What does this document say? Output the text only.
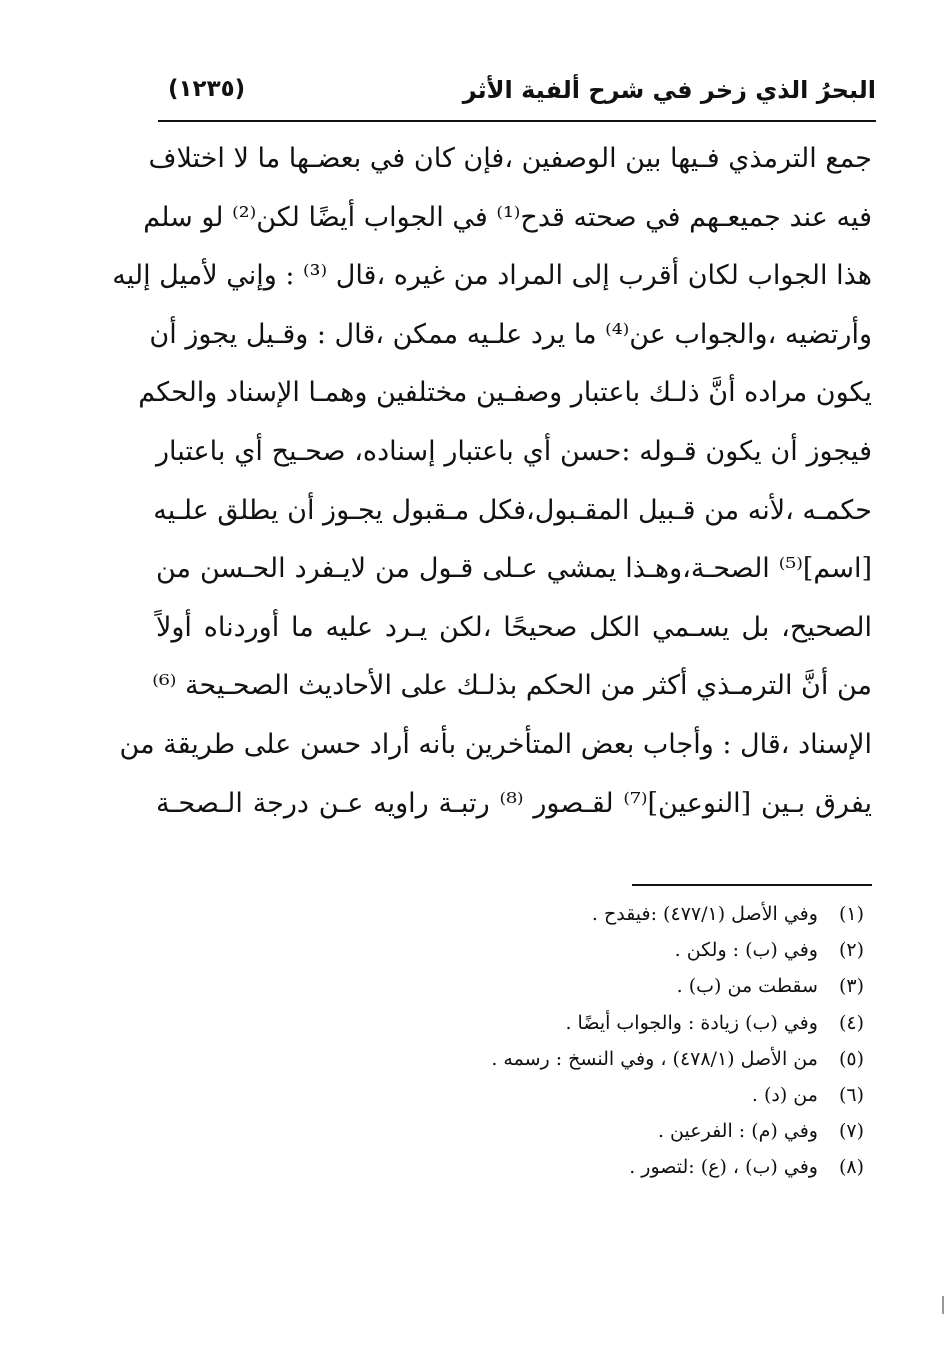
البحرُ الذي زخر في شرح ألفية الأثر
(١٢٣٥)
جمع الترمذي فـيها بين الوصفين ،فإن كان في بعضـها ما لا اختلاف
فيه عند جميعـهم في صحته قدح⁽¹⁾ في الجواب أيضًا لكن⁽²⁾ لو سلم
هذا الجواب لكان أقرب إلى المراد من غيره ،قال ⁽³⁾ : وإني لأميل إليه
وأرتضيه ،والجواب عن⁽⁴⁾ ما يرد علـيه ممكن ،قال : وقـيل يجوز أن
يكون مراده أنَّ ذلـك باعتبار وصفـين مختلفين وهمـا الإسناد والحكم
فيجوز أن يكون قـوله :حسن أي باعتبار إسناده، صحـيح أي باعتبار
حكمـه ،لأنه من قـبيل المقـبول،فكل مـقبول يجـوز أن يطلق علـيه
[اسم]⁽⁵⁾ الصحـة،وهـذا يمشي عـلى قـول من لايـفرد الحـسن من
الصحيح، بل يسـمي الكل صحيحًا ،لكن يـرد عليه ما أوردناه أولاً
من أنَّ الترمـذي أكثر من الحكم بذلـك على الأحاديث الصحـيحة ⁽⁶⁾
الإسناد ،قال : وأجاب بعض المتأخرين بأنه أراد حسن على طريقة من
يفرق بـين [النوعين]⁽⁷⁾ لقـصور ⁽⁸⁾ رتبـة راويه عـن درجة الـصحـة
(١) وفي الأصل (٤٧٧/١) :فيقدح .
(٢) وفي (ب) : ولكن .
(٣) سقطت من (ب) .
(٤) وفي (ب) زيادة : والجواب أيضًا .
(٥) من الأصل (٤٧٨/١) ، وفي النسخ : رسمه .
(٦) من (د) .
(٧) وفي (م) : الفرعين .
(٨) وفي (ب) ، (ع) :لتصور .
